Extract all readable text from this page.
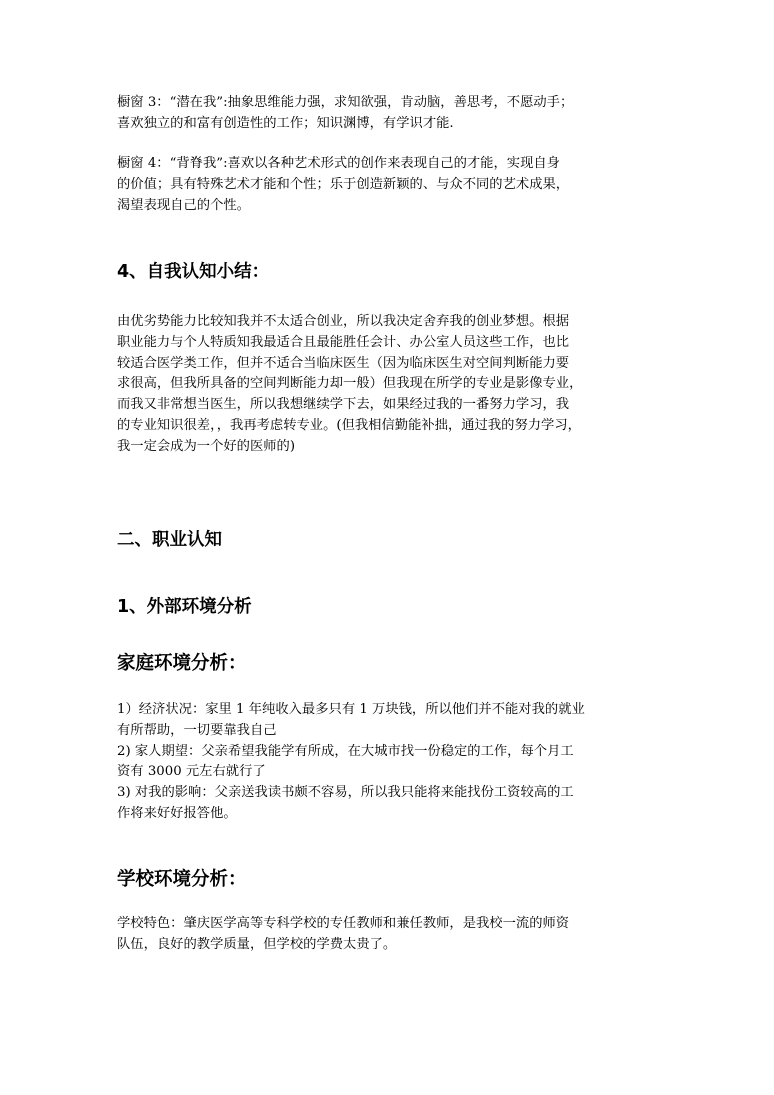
橱窗 3：“潜在我”:抽象思维能力强，求知欲强，肯动脑，善思考，不愿动手；
喜欢独立的和富有创造性的工作；知识渊博，有学识才能.
橱窗 4：“背脊我”:喜欢以各种艺术形式的创作来表现自己的才能，实现自身
的价值；具有特殊艺术才能和个性；乐于创造新颖的、与众不同的艺术成果，
渴望表现自己的个性。
4、自我认知小结：
由优劣势能力比较知我并不太适合创业，所以我决定舍弃我的创业梦想。根据
职业能力与个人特质知我最适合且最能胜任会计、办公室人员这些工作，也比
较适合医学类工作，但并不适合当临床医生（因为临床医生对空间判断能力要
求很高，但我所具备的空间判断能力却一般）但我现在所学的专业是影像专业，
而我又非常想当医生，所以我想继续学下去，如果经过我的一番努力学习，我
的专业知识很差，，我再考虑转专业。(但我相信勤能补拙，通过我的努力学习，
我一定会成为一个好的医师的)
二、职业认知
1、外部环境分析
家庭环境分析：
1）经济状况：家里 1 年纯收入最多只有 1 万块钱，所以他们并不能对我的就业
有所帮助，一切要靠我自己
2) 家人期望：父亲希望我能学有所成，在大城市找一份稳定的工作，每个月工
资有 3000 元左右就行了
3) 对我的影响：父亲送我读书颇不容易，所以我只能将来能找份工资较高的工
作将来好好报答他。
学校环境分析：
学校特色：肇庆医学高等专科学校的专任教师和兼任教师，是我校一流的师资
队伍，良好的教学质量，但学校的学费太贵了。
